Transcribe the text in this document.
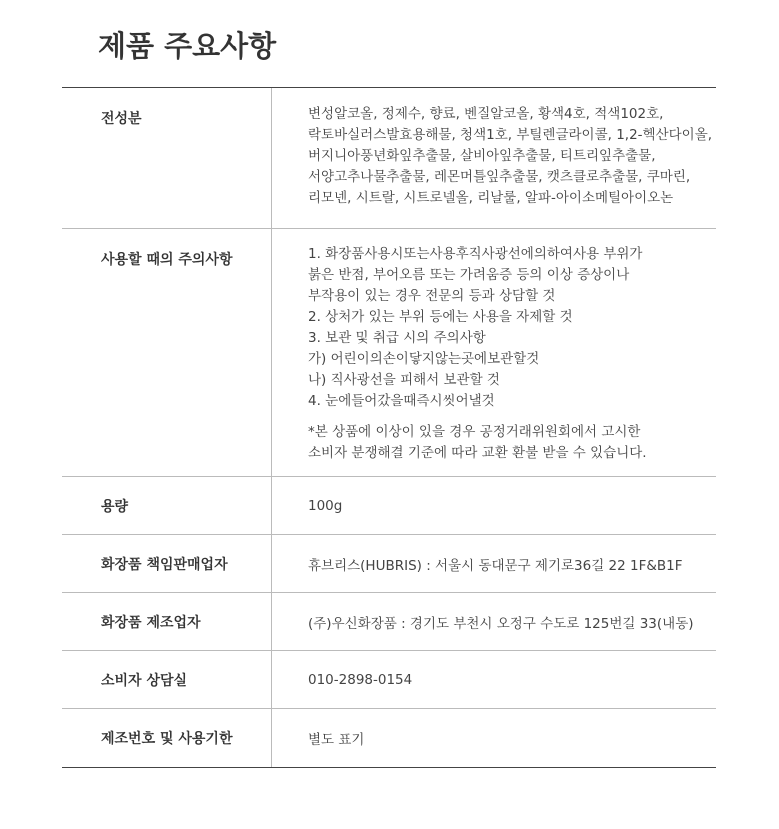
제품 주요사항
전성분	변성알코올, 정제수, 향료, 벤질알코올, 황색4호, 적색102호,
락토바실러스발효용해물, 청색1호, 부틸렌글라이콜, 1,2-헥산다이올,
버지니아풍년화잎추출물, 살비아잎추출물, 티트리잎추출물,
서양고추나물추출물, 레몬머틀잎추출물, 캣츠클로추출물, 쿠마린,
리모넨, 시트랄, 시트로넬올, 리날룰, 알파-아이소메틸아이오논
사용할 때의 주의사항	1. 화장품사용시또는사용후직사광선에의하여사용 부위가
붉은 반점, 부어오름 또는 가려움증 등의 이상 증상이나
부작용이 있는 경우 전문의 등과 상담할 것
2. 상처가 있는 부위 등에는 사용을 자제할 것
3. 보관 및 취급 시의 주의사항
가) 어린이의손이닿지않는곳에보관할것
나) 직사광선을 피해서 보관할 것
4. 눈에들어갔을때즉시씻어낼것
*본 상품에 이상이 있을 경우 공정거래위원회에서 고시한
소비자 분쟁해결 기준에 따라 교환 환불 받을 수 있습니다.
용량	100g
화장품 책임판매업자	휴브리스(HUBRIS) : 서울시 동대문구 제기로36길 22 1F&B1F
화장품 제조업자	(주)우신화장품 : 경기도 부천시 오정구 수도로 125번길 33(내동)
소비자 상담실	010-2898-0154
제조번호 및 사용기한	별도 표기
